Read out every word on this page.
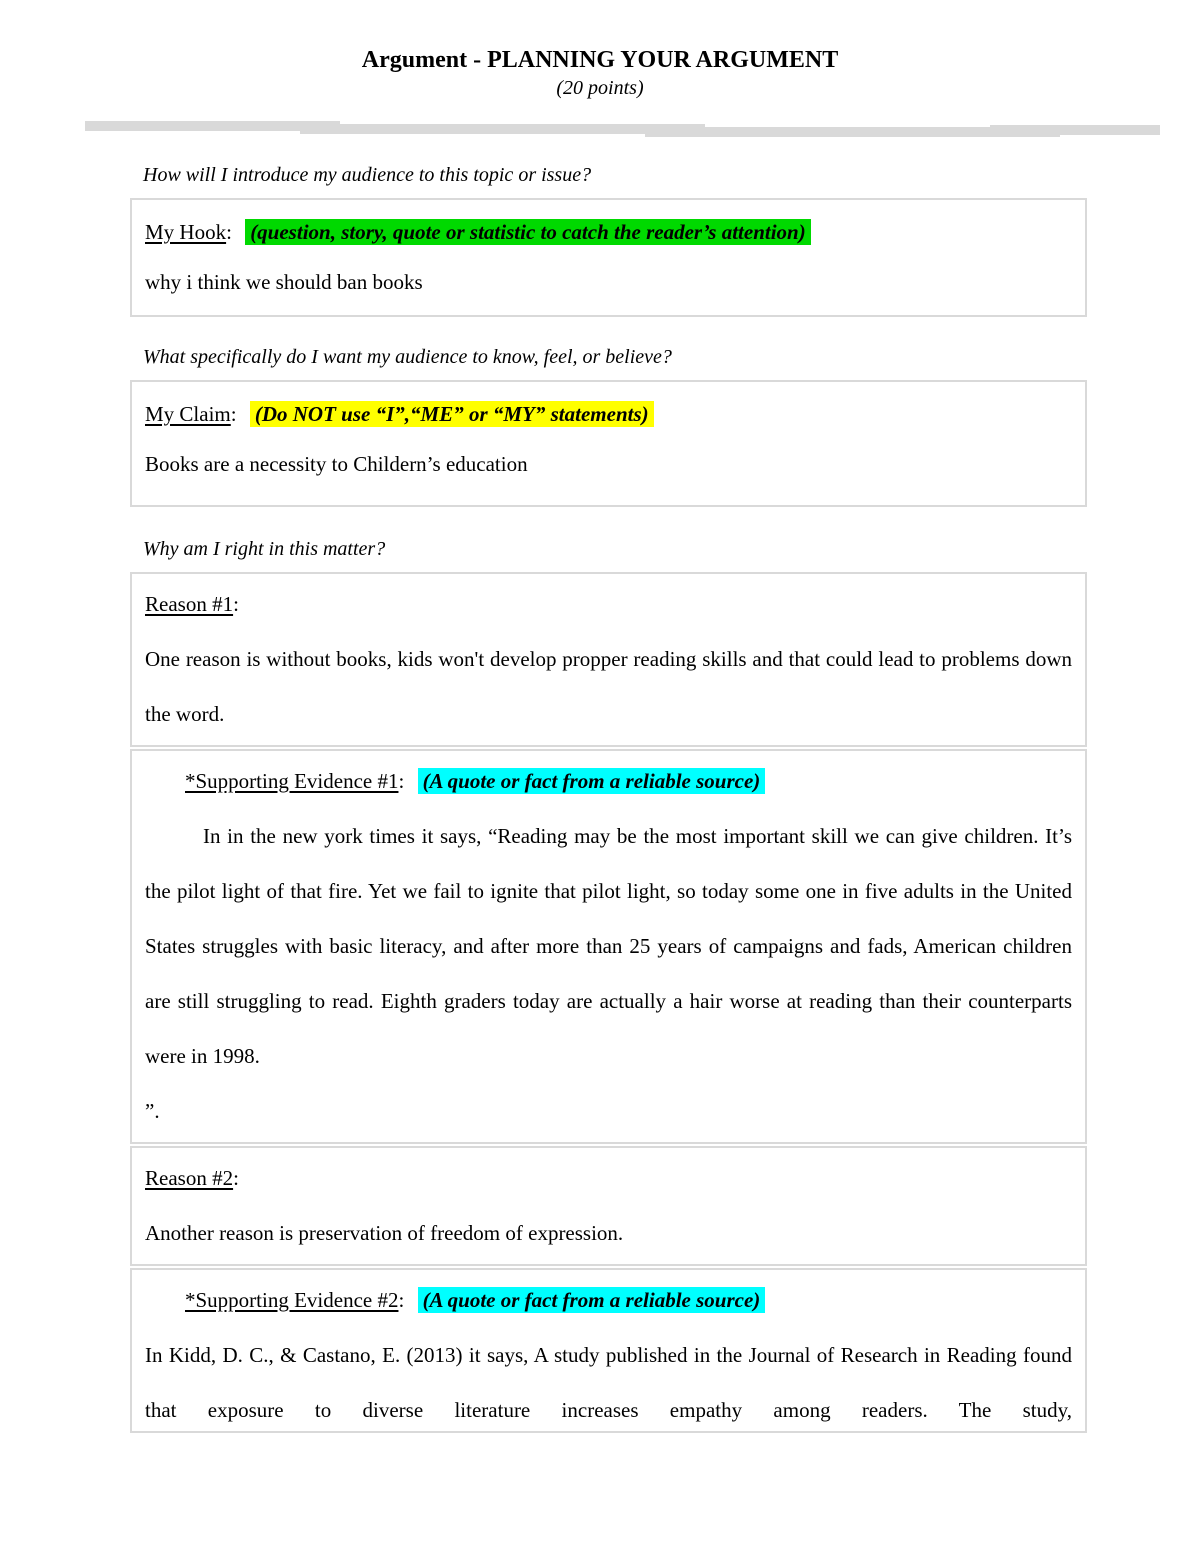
Argument - PLANNING YOUR ARGUMENT
(20 points)
How will I introduce my audience to this topic or issue?
My Hook: (question, story, quote or statistic to catch the reader’s attention)
why i think we should ban books
What specifically do I want my audience to know, feel, or believe?
My Claim: (Do NOT use “I”,“ME” or “MY” statements)
Books are a necessity to Childern’s education
Why am I right in this matter?
Reason #1:

One reason is without books, kids won't develop propper reading skills and that could lead to problems down the word.

*Supporting Evidence #1: (A quote or fact from a reliable source)

In in the new york times it says, “Reading may be the most important skill we can give children. It’s the pilot light of that fire. Yet we fail to ignite that pilot light, so today some one in five adults in the United States struggles with basic literacy, and after more than 25 years of campaigns and fads, American children are still struggling to read. Eighth graders today are actually a hair worse at reading than their counterparts were in 1998.

”.

Reason #2:

Another reason is preservation of freedom of expression.

*Supporting Evidence #2: (A quote or fact from a reliable source)

In Kidd, D. C., & Castano, E. (2013) it says, A study published in the Journal of Research in Reading found that exposure to diverse literature increases empathy among readers. The study,
